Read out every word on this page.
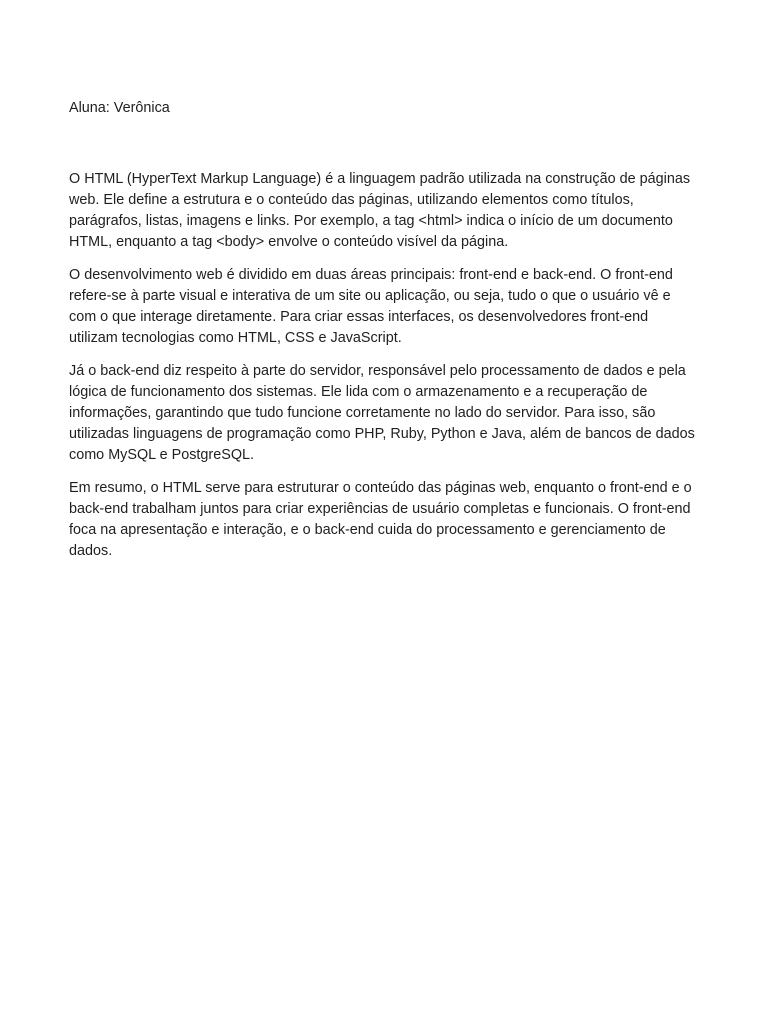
Aluna: Verônica

O HTML (HyperText Markup Language) é a linguagem padrão utilizada na construção de páginas web. Ele define a estrutura e o conteúdo das páginas, utilizando elementos como títulos, parágrafos, listas, imagens e links. Por exemplo, a tag <html> indica o início de um documento HTML, enquanto a tag <body> envolve o conteúdo visível da página.

O desenvolvimento web é dividido em duas áreas principais: front-end e back-end. O front-end refere-se à parte visual e interativa de um site ou aplicação, ou seja, tudo o que o usuário vê e com o que interage diretamente. Para criar essas interfaces, os desenvolvedores front-end utilizam tecnologias como HTML, CSS e JavaScript.

Já o back-end diz respeito à parte do servidor, responsável pelo processamento de dados e pela lógica de funcionamento dos sistemas. Ele lida com o armazenamento e a recuperação de informações, garantindo que tudo funcione corretamente no lado do servidor. Para isso, são utilizadas linguagens de programação como PHP, Ruby, Python e Java, além de bancos de dados como MySQL e PostgreSQL.

Em resumo, o HTML serve para estruturar o conteúdo das páginas web, enquanto o front-end e o back-end trabalham juntos para criar experiências de usuário completas e funcionais. O front-end foca na apresentação e interação, e o back-end cuida do processamento e gerenciamento de dados.
